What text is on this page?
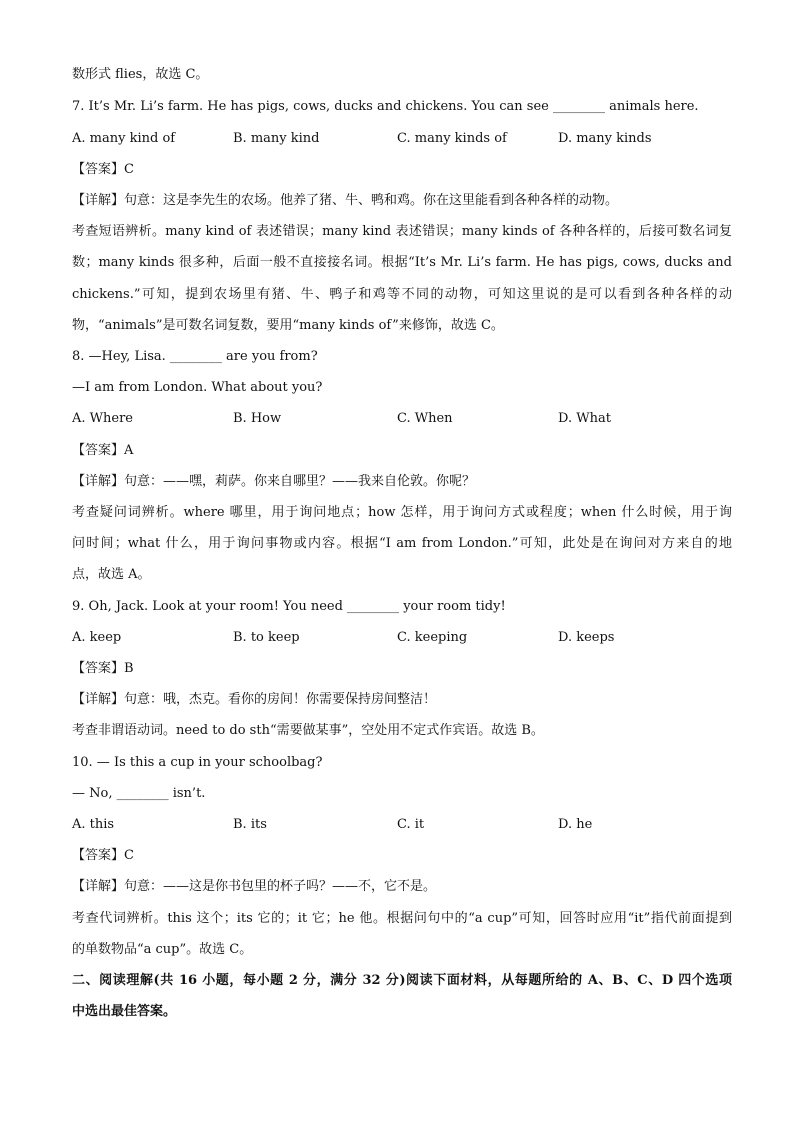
数形式 flies，故选 C。
7. It’s Mr. Li’s farm. He has pigs, cows, ducks and chickens. You can see ________ animals here.
A. many kind of	B. many kind	C. many kinds of	D. many kinds
【答案】C
【详解】句意：这是李先生的农场。他养了猪、牛、鸭和鸡。你在这里能看到各种各样的动物。
考查短语辨析。many kind of 表述错误；many kind 表述错误；many kinds of 各种各样的，后接可数名词复
数；many kinds 很多种，后面一般不直接接名词。根据“It’s Mr. Li’s farm. He has pigs, cows, ducks and
chickens.”可知，提到农场里有猪、牛、鸭子和鸡等不同的动物，可知这里说的是可以看到各种各样的动
物，“animals”是可数名词复数，要用“many kinds of”来修饰，故选 C。
8. —Hey, Lisa. ________ are you from?
—I am from London. What about you?
A. Where	B. How	C. When	D. What
【答案】A
【详解】句意：——嘿，莉萨。你来自哪里？——我来自伦敦。你呢？
考查疑问词辨析。where 哪里，用于询问地点；how 怎样，用于询问方式或程度；when 什么时候，用于询
问时间；what 什么，用于询问事物或内容。根据“I am from London.”可知，此处是在询问对方来自的地
点，故选 A。
9. Oh, Jack. Look at your room! You need ________ your room tidy!
A. keep	B. to keep	C. keeping	D. keeps
【答案】B
【详解】句意：哦，杰克。看你的房间！你需要保持房间整洁！
考查非谓语动词。need to do sth“需要做某事”，空处用不定式作宾语。故选 B。
10. — Is this a cup in your schoolbag?
— No, ________ isn’t.
A. this	B. its	C. it	D. he
【答案】C
【详解】句意：——这是你书包里的杯子吗？——不，它不是。
考查代词辨析。this 这个；its 它的；it 它；he 他。根据问句中的“a cup”可知，回答时应用“it”指代前面提到
的单数物品“a cup”。故选 C。
二、阅读理解(共 16 小题，每小题 2 分，满分 32 分)阅读下面材料，从每题所给的 A、B、C、D 四个选项
中选出最佳答案。
